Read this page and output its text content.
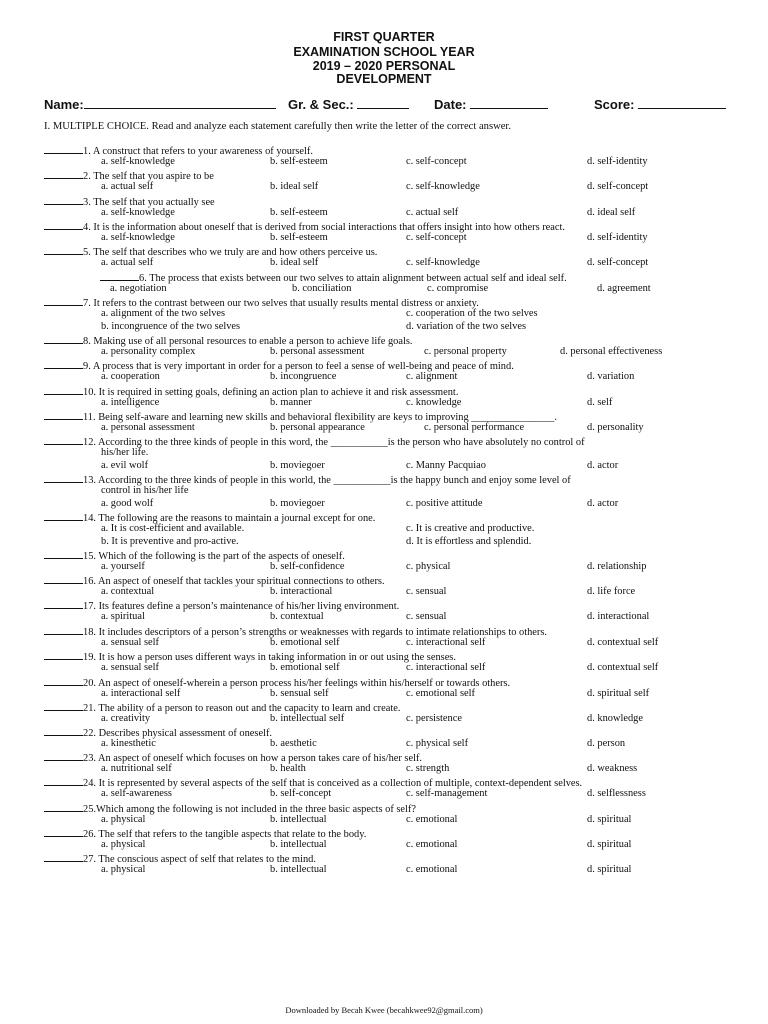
FIRST QUARTER
EXAMINATION SCHOOL YEAR
2019 – 2020 PERSONAL
DEVELOPMENT
Name:	Gr. & Sec.:	Date:	Score:
I. MULTIPLE CHOICE. Read and analyze each statement carefully then write the letter of the correct answer.
1. A construct that refers to your awareness of yourself.
a. self-knowledge	b. self-esteem	c. self-concept	d. self-identity
2. The self that you aspire to be
a. actual self	b. ideal self	c. self-knowledge	d. self-concept
3. The self that you actually see
a. self-knowledge	b. self-esteem	c. actual self	d. ideal self
4. It is the information about oneself that is derived from social interactions that offers insight into how others react.
a. self-knowledge	b. self-esteem	c. self-concept	d. self-identity
5. The self that describes who we truly are and how others perceive us.
a. actual self	b. ideal self	c. self-knowledge	d. self-concept
6. The process that exists between our two selves to attain alignment between actual self and ideal self.
a. negotiation	b. conciliation	c. compromise	d. agreement
7. It refers to the contrast between our two selves that usually results mental distress or anxiety.
a. alignment of the two selves	c. cooperation of the two selves
b. incongruence of the two selves	d. variation of the two selves
8. Making use of all personal resources to enable a person to achieve life goals.
a. personality complex	b. personal assessment	c. personal property	d. personal effectiveness
9. A process that is very important in order for a person to feel a sense of well-being and peace of mind.
a. cooperation	b. incongruence	c. alignment	d. variation
10. It is required in setting goals, defining an action plan to achieve it and risk assessment.
a. intelligence	b. manner	c. knowledge	d. self
11. Being self-aware and learning new skills and behavioral flexibility are keys to improving ________________.
a. personal assessment	b. personal appearance	c. personal performance	d. personality
12. According to the three kinds of people in this word, the ___________is the person who have absolutely no control of
his/her life.
a. evil wolf	b. moviegoer	c. Manny Pacquiao	d. actor
13. According to the three kinds of people in this world, the ___________is the happy bunch and enjoy some level of
control in his/her life
a. good wolf	b. moviegoer	c. positive attitude	d. actor
14. The following are the reasons to maintain a journal except for one.
a. It is cost-efficient and available.	c. It is creative and productive.
b. It is preventive and pro-active.	d. It is effortless and splendid.
15. Which of the following is the part of the aspects of oneself.
a. yourself	b. self-confidence	c. physical	d. relationship
16. An aspect of oneself that tackles your spiritual connections to others.
a. contextual	b. interactional	c. sensual	d. life force
17. Its features define a person’s maintenance of his/her living environment.
a. spiritual	b. contextual	c. sensual	d. interactional
18. It includes descriptors of a person’s strengths or weaknesses with regards to intimate relationships to others.
a. sensual self	b. emotional self	c. interactional self	d. contextual self
19. It is how a person uses different ways in taking information in or out using the senses.
a. sensual self	b. emotional self	c. interactional self	d. contextual self
20. An aspect of oneself-wherein a person process his/her feelings within his/herself or towards others.
a. interactional self	b. sensual self	c. emotional self	d. spiritual self
21. The ability of a person to reason out and the capacity to learn and create.
a. creativity	b. intellectual self	c. persistence	d. knowledge
22. Describes physical assessment of oneself.
a. kinesthetic	b. aesthetic	c. physical self	d. person
23. An aspect of oneself which focuses on how a person takes care of his/her self.
a. nutritional self	b. health	c. strength	d. weakness
24. It is represented by several aspects of the self that is conceived as a collection of multiple, context-dependent selves.
a. self-awareness	b. self-concept	c. self-management	d. selflessness
25.Which among the following is not included in the three basic aspects of self?
a. physical	b. intellectual	c. emotional	d. spiritual
26. The self that refers to the tangible aspects that relate to the body.
a. physical	b. intellectual	c. emotional	d. spiritual
27. The conscious aspect of self that relates to the mind.
a. physical	b. intellectual	c. emotional	d. spiritual
Downloaded by Becah Kwee (becahkwee92@gmail.com)
